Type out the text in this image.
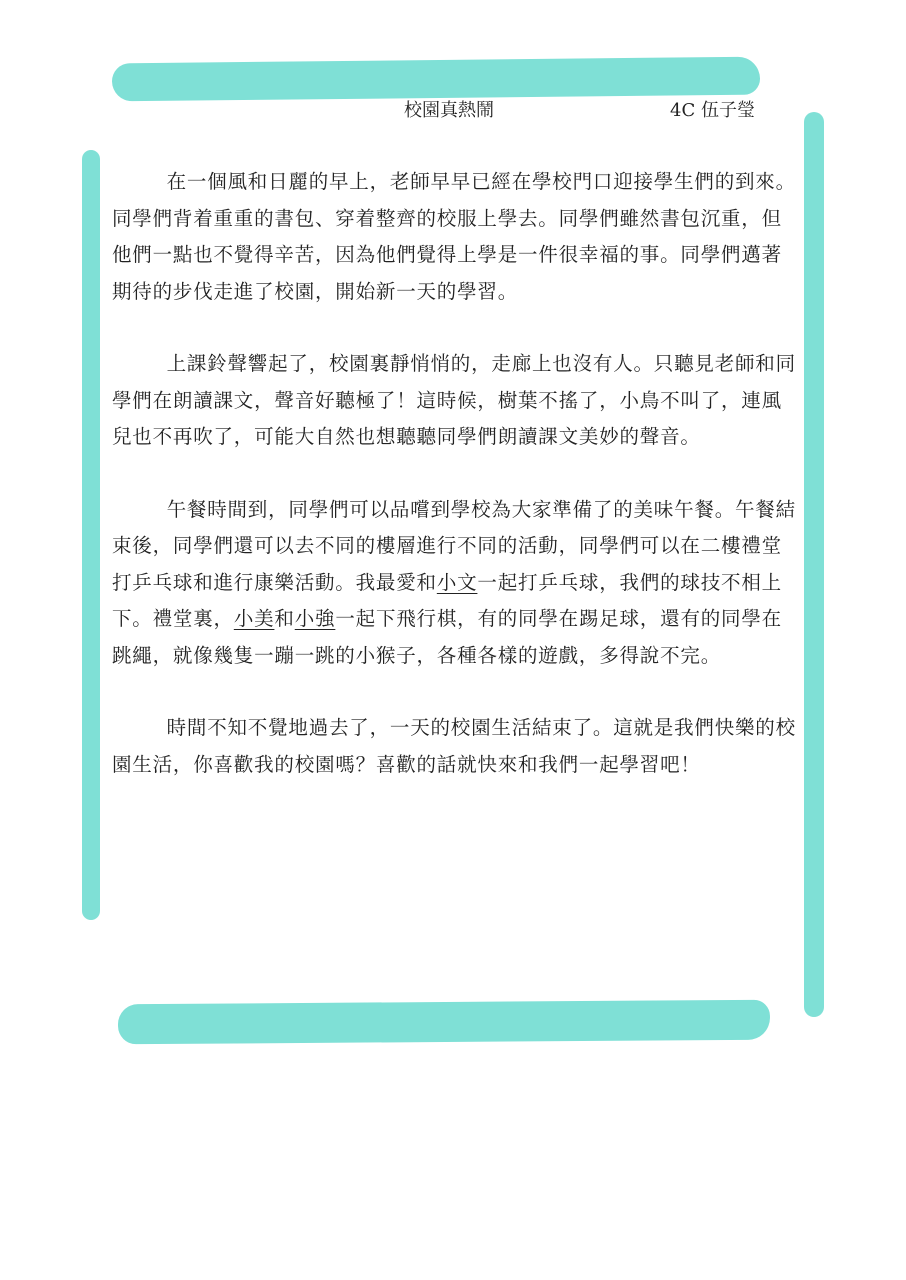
校園真熱鬧	4C 伍子瑩

在一個風和日麗的早上，老師早早已經在學校門口迎接學生們的到來。同學們背着重重的書包、穿着整齊的校服上學去。同學們雖然書包沉重，但他們一點也不覺得辛苦，因為他們覺得上學是一件很幸福的事。同學們邁著期待的步伐走進了校園，開始新一天的學習。

上課鈴聲響起了，校園裏靜悄悄的，走廊上也沒有人。只聽見老師和同學們在朗讀課文，聲音好聽極了！這時候，樹葉不搖了，小鳥不叫了，連風兒也不再吹了，可能大自然也想聽聽同學們朗讀課文美妙的聲音。

午餐時間到，同學們可以品嚐到學校為大家準備了的美味午餐。午餐結束後，同學們還可以去不同的樓層進行不同的活動，同學們可以在二樓禮堂打乒乓球和進行康樂活動。我最愛和小文一起打乒乓球，我們的球技不相上下。禮堂裏，小美和小強一起下飛行棋，有的同學在踢足球，還有的同學在跳繩，就像幾隻一蹦一跳的小猴子，各種各樣的遊戲，多得說不完。

時間不知不覺地過去了，一天的校園生活結束了。這就是我們快樂的校園生活，你喜歡我的校園嗎？喜歡的話就快來和我們一起學習吧！
